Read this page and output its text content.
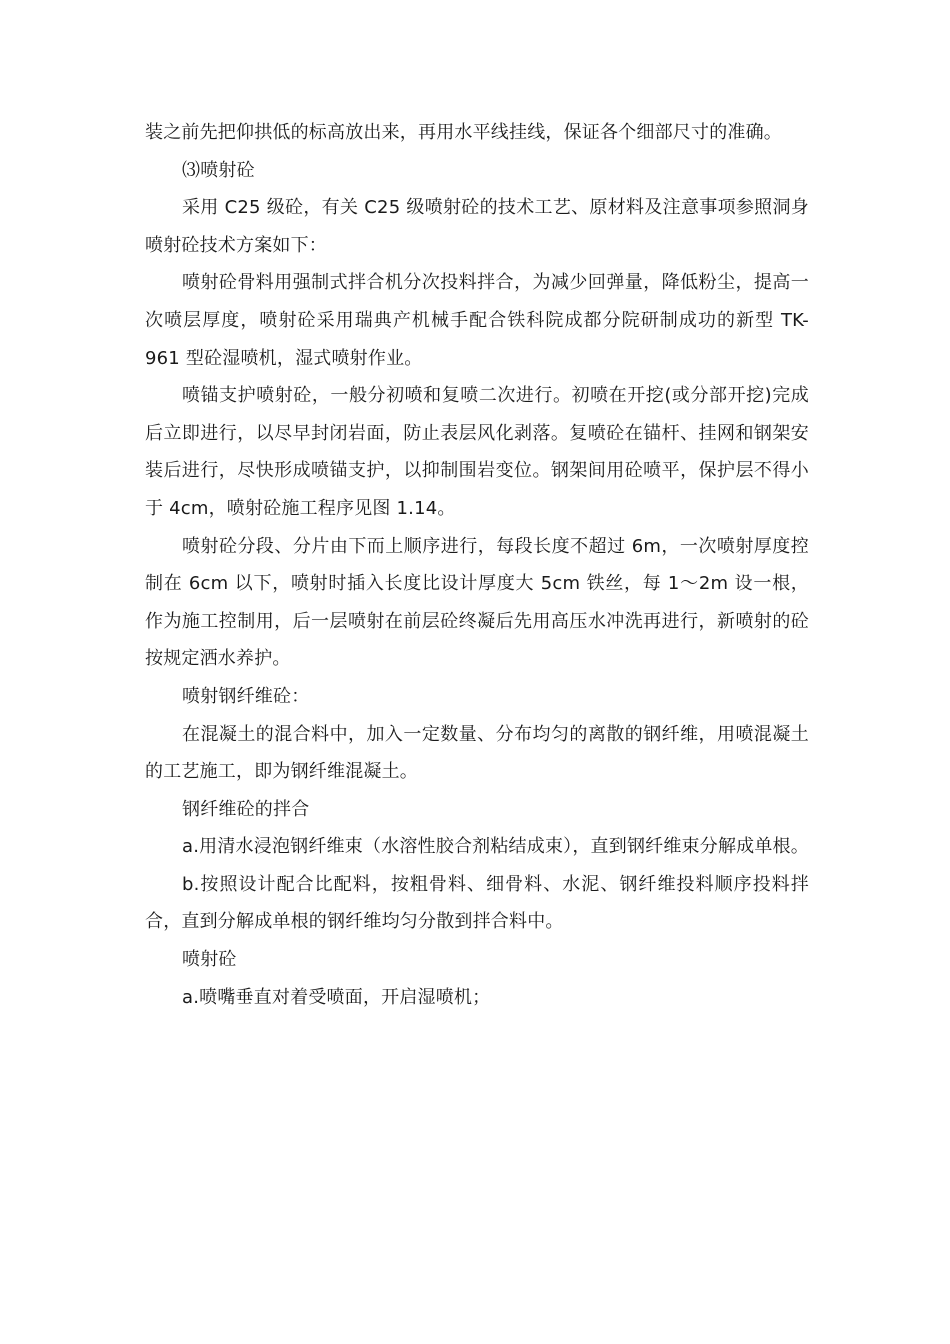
装之前先把仰拱低的标高放出来，再用水平线挂线，保证各个细部尺寸的准确。

⑶喷射砼

采用 C25 级砼，有关 C25 级喷射砼的技术工艺、原材料及注意事项参照洞身喷射砼技术方案如下：

喷射砼骨料用强制式拌合机分次投料拌合，为减少回弹量，降低粉尘，提高一次喷层厚度，喷射砼采用瑞典产机械手配合铁科院成都分院研制成功的新型 TK-961 型砼湿喷机，湿式喷射作业。

喷锚支护喷射砼，一般分初喷和复喷二次进行。初喷在开挖(或分部开挖)完成后立即进行，以尽早封闭岩面，防止表层风化剥落。复喷砼在锚杆、挂网和钢架安装后进行，尽快形成喷锚支护，以抑制围岩变位。钢架间用砼喷平，保护层不得小于 4cm，喷射砼施工程序见图 1.14。

喷射砼分段、分片由下而上顺序进行，每段长度不超过 6m，一次喷射厚度控制在 6cm 以下，喷射时插入长度比设计厚度大 5cm 铁丝，每 1～2m 设一根，作为施工控制用，后一层喷射在前层砼终凝后先用高压水冲洗再进行，新喷射的砼按规定洒水养护。

喷射钢纤维砼：

在混凝土的混合料中，加入一定数量、分布均匀的离散的钢纤维，用喷混凝土的工艺施工，即为钢纤维混凝土。

钢纤维砼的拌合

a.用清水浸泡钢纤维束（水溶性胶合剂粘结成束），直到钢纤维束分解成单根。

b.按照设计配合比配料，按粗骨料、细骨料、水泥、钢纤维投料顺序投料拌合，直到分解成单根的钢纤维均匀分散到拌合料中。

喷射砼

a.喷嘴垂直对着受喷面，开启湿喷机；
